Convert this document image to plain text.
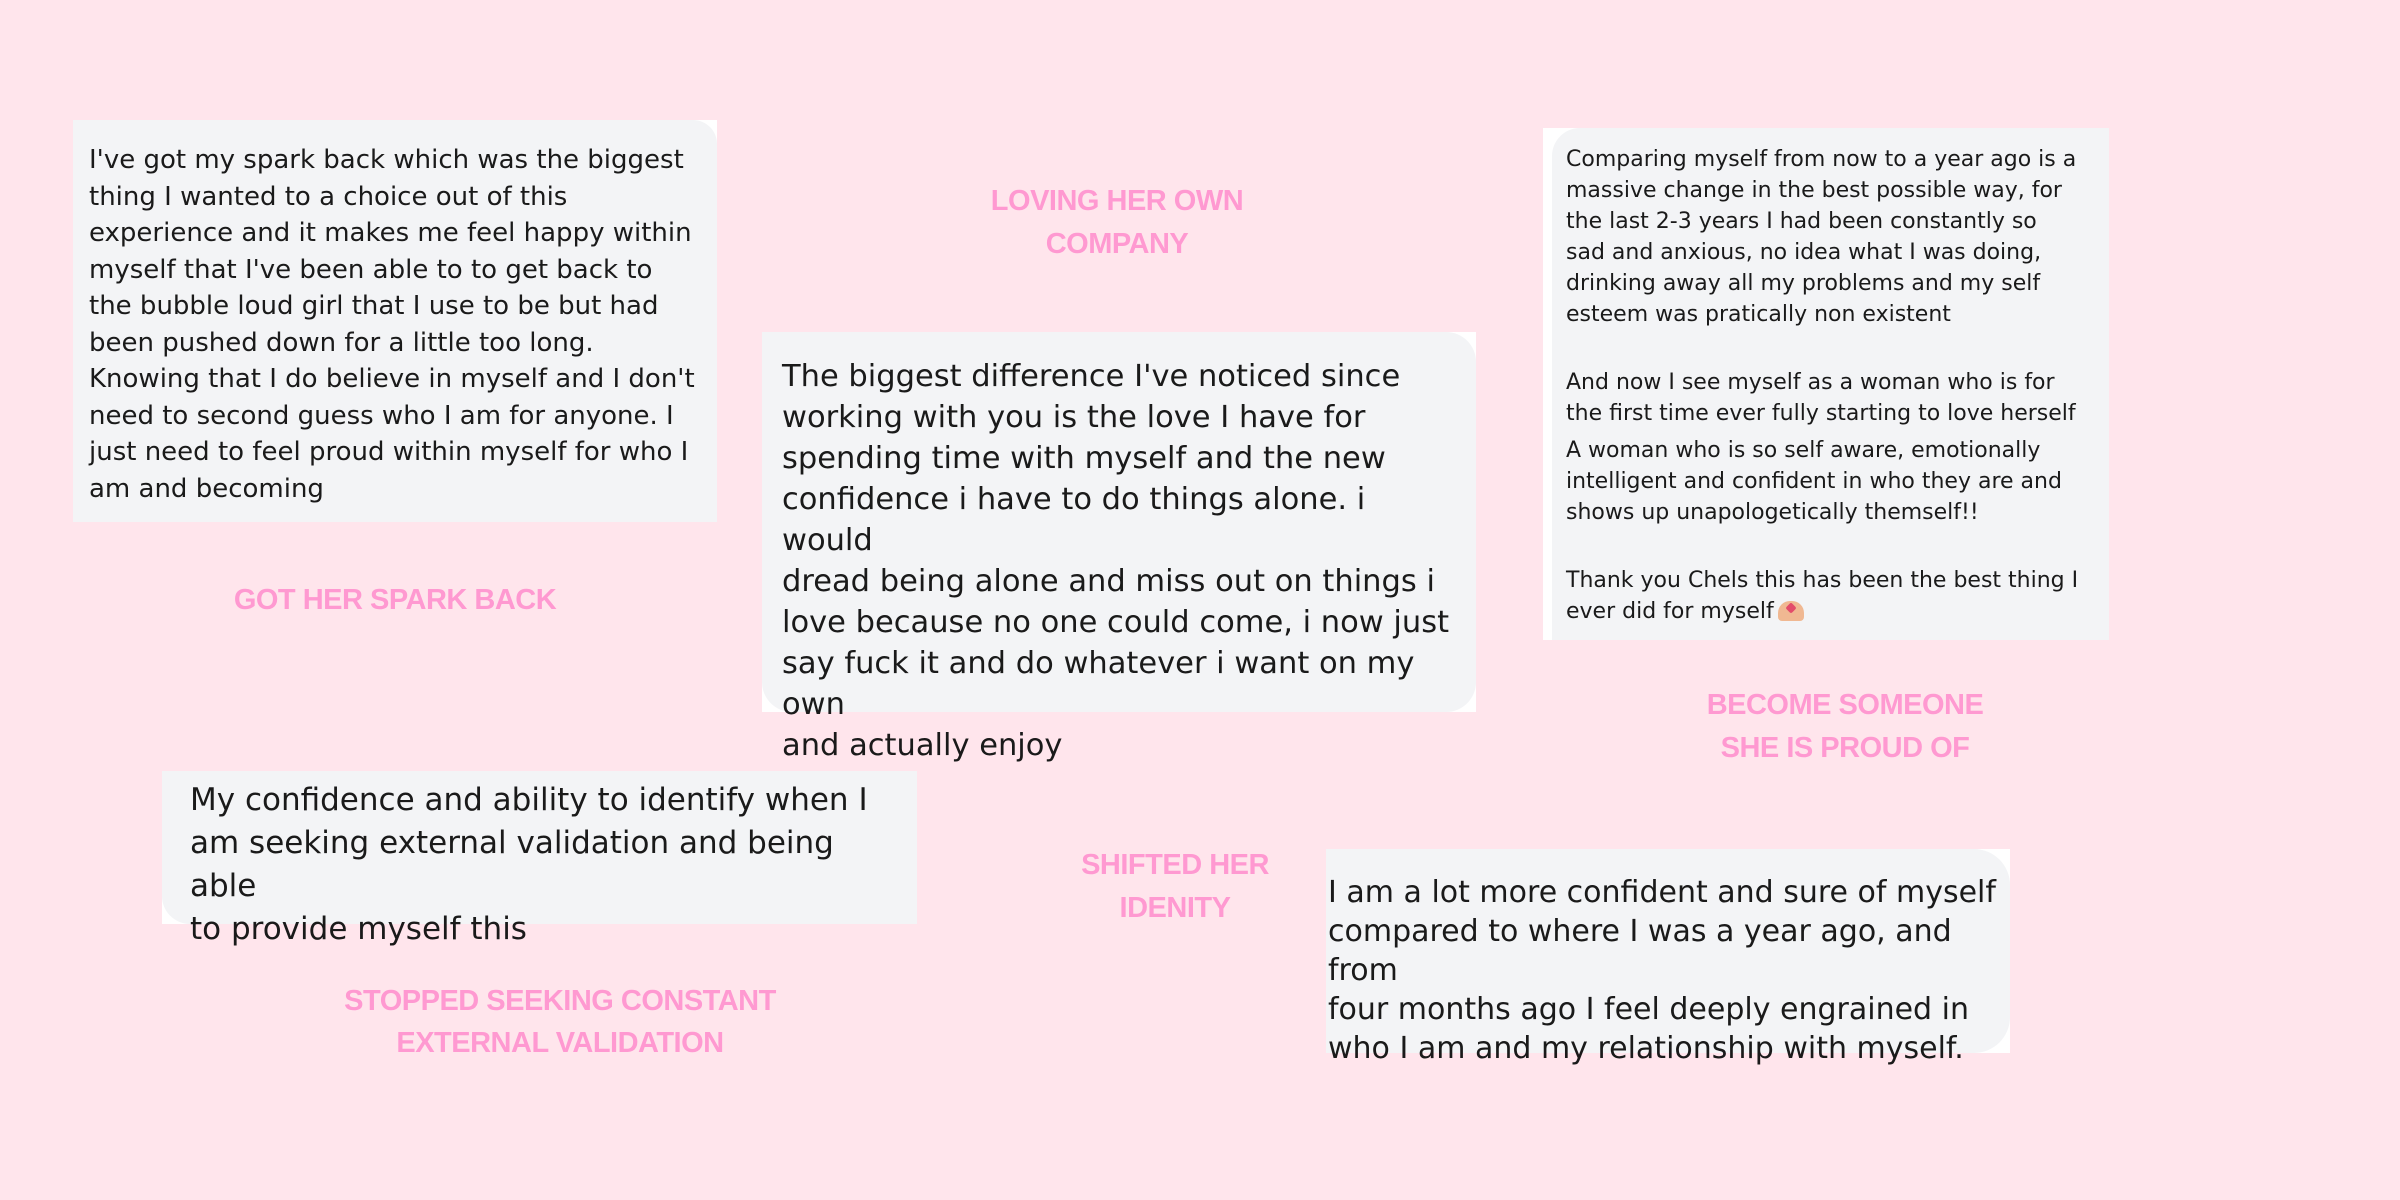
I've got my spark back which was the biggest
thing I wanted to a choice out of this
experience and it makes me feel happy within
myself that I've been able to to get back to
the bubble loud girl that I use to be but had
been pushed down for a little too long.
Knowing that I do believe in myself and I don't
need to second guess who I am for anyone. I
just need to feel proud within myself for who I
am and becoming
LOVING HER OWN
COMPANY
The biggest difference I've noticed since
working with you is the love I have for
spending time with myself and the new
confidence i have to do things alone. i would
dread being alone and miss out on things i
love because no one could come, i now just
say fuck it and do whatever i want on my own
and actually enjoy
Comparing myself from now to a year ago is a
massive change in the best possible way, for
the last 2-3 years I had been constantly so
sad and anxious, no idea what I was doing,
drinking away all my problems and my self
esteem was pratically non existent
And now I see myself as a woman who is for
the first time ever fully starting to love herself
A woman who is so self aware, emotionally
intelligent and confident in who they are and
shows up unapologetically themself!!
Thank you Chels this has been the best thing I
ever did for myself
GOT HER SPARK BACK
BECOME SOMEONE
SHE IS PROUD OF
My confidence and ability to identify when I
am seeking external validation and being able
to provide myself this
SHIFTED HER
IDENITY	I am a lot more confident and sure of myself
compared to where I was a year ago, and from
four months ago I feel deeply engrained in
who I am and my relationship with myself.
STOPPED SEEKING CONSTANT
EXTERNAL VALIDATION
